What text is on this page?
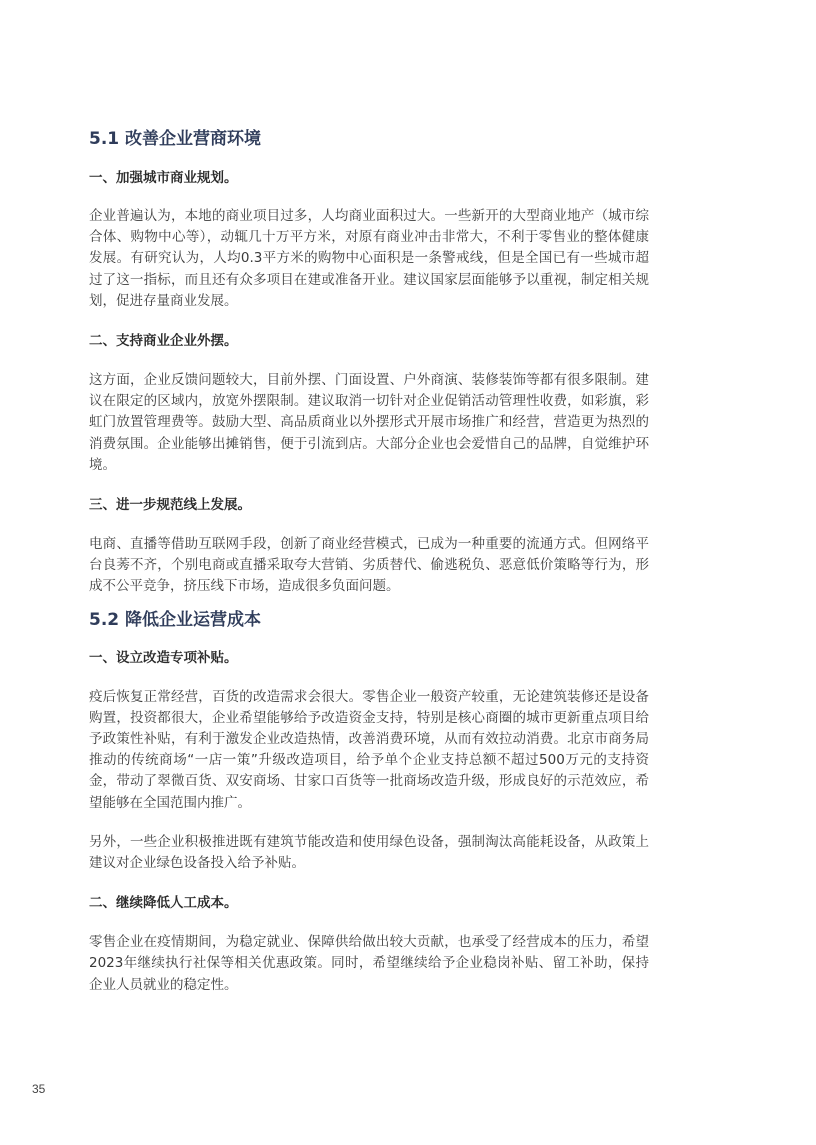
5.1 改善企业营商环境
一、加强城市商业规划。

企业普遍认为，本地的商业项目过多，人均商业面积过大。一些新开的大型商业地产（城市综合体、购物中心等），动辄几十万平方米，对原有商业冲击非常大，不利于零售业的整体健康发展。有研究认为，人均0.3平方米的购物中心面积是一条警戒线，但是全国已有一些城市超过了这一指标，而且还有众多项目在建或准备开业。建议国家层面能够予以重视，制定相关规划，促进存量商业发展。

二、支持商业企业外摆。

这方面，企业反馈问题较大，目前外摆、门面设置、户外商演、装修装饰等都有很多限制。建议在限定的区域内，放宽外摆限制。建议取消一切针对企业促销活动管理性收费，如彩旗，彩虹门放置管理费等。鼓励大型、高品质商业以外摆形式开展市场推广和经营，营造更为热烈的消费氛围。企业能够出摊销售，便于引流到店。大部分企业也会爱惜自己的品牌，自觉维护环境。

三、进一步规范线上发展。

电商、直播等借助互联网手段，创新了商业经营模式，已成为一种重要的流通方式。但网络平台良莠不齐，个别电商或直播采取夸大营销、劣质替代、偷逃税负、恶意低价策略等行为，形成不公平竞争，挤压线下市场，造成很多负面问题。

5.2 降低企业运营成本
一、设立改造专项补贴。

疫后恢复正常经营，百货的改造需求会很大。零售企业一般资产较重，无论建筑装修还是设备购置，投资都很大，企业希望能够给予改造资金支持，特别是核心商圈的城市更新重点项目给予政策性补贴，有利于激发企业改造热情，改善消费环境，从而有效拉动消费。北京市商务局推动的传统商场“一店一策”升级改造项目，给予单个企业支持总额不超过500万元的支持资金，带动了翠微百货、双安商场、甘家口百货等一批商场改造升级，形成良好的示范效应，希望能够在全国范围内推广。

另外，一些企业积极推进既有建筑节能改造和使用绿色设备，强制淘汰高能耗设备，从政策上建议对企业绿色设备投入给予补贴。

二、继续降低人工成本。

零售企业在疫情期间，为稳定就业、保障供给做出较大贡献，也承受了经营成本的压力，希望2023年继续执行社保等相关优惠政策。同时，希望继续给予企业稳岗补贴、留工补助，保持企业人员就业的稳定性。

35
